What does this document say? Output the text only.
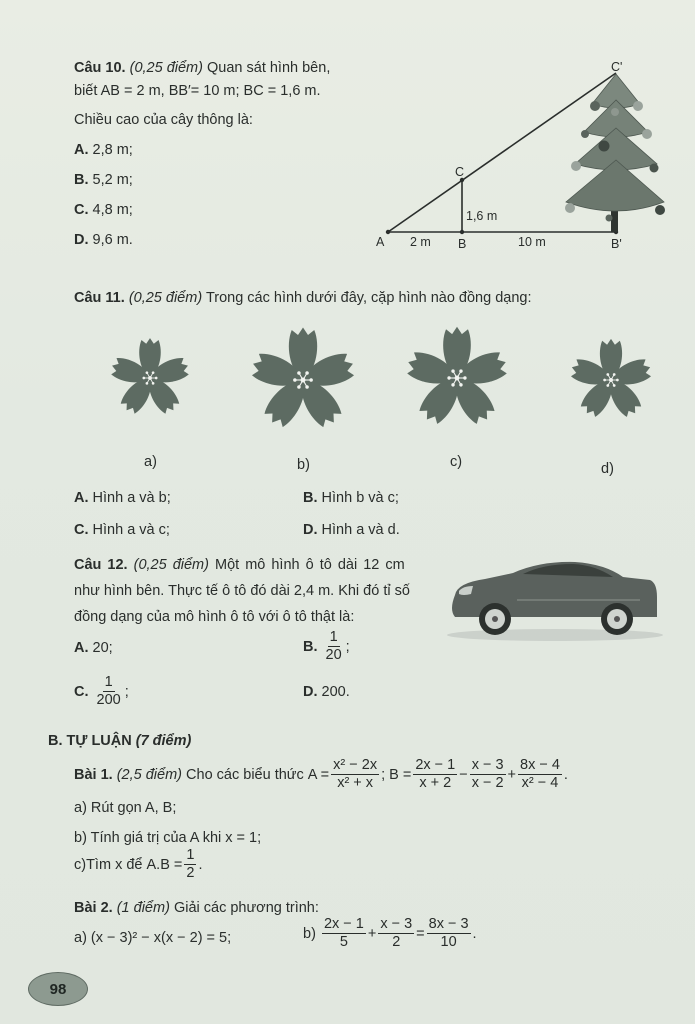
Câu 10. (0,25 điểm) Quan sát hình bên,
biết AB = 2 m, BB′= 10 m; BC = 1,6 m.
Chiều cao của cây thông là:
A. 2,8 m;
B. 5,2 m;
C. 4,8 m;
D. 9,6 m.	A 2 m B	10 m	B'
C
1,6 m
C'
Câu 11. (0,25 điểm) Trong các hình dưới đây, cặp hình nào đồng dạng:
a)	b)	c)	d)
A. Hình a và b;	B. Hình b và c;
C. Hình a và c;	D. Hình a và d.
Câu 12. (0,25 điểm) Một mô hình ô tô dài 12 cm
như hình bên. Thực tế ô tô đó dài 2,4 m. Khi đó tỉ số
đồng dạng của mô hình ô tô với ô tô thật là:
A. 20;	B.
$\frac{1}{20}$ ;
C.
$\frac{1}{200}$ ;	D. 200.
B. TỰ LUẬN (7 điểm)
Bài 1.
(2,5 điểm)
Cho các biểu thức
$A = \frac{\text{x² − 2x}}{\text{x² + x}}$ ;
$B = \frac{2x - 1}{x + 2} - \frac{x - 3}{x - 2} + \frac{8x - 4}{\text{x² − 4}}$ .
a) Rút gọn A, B;
b) Tính giá trị của A khi x = 1;
c)Tìm x để
$A.B = \frac{1}{2}$ .
Bài 2. (1 điểm) Giải các phương trình:
a) (x − 3)² − x(x − 2) = 5;	b)
$\frac{2x - 1}{5} + \frac{x - 3}{2} = \frac{8x - 3}{10}$ .
98
